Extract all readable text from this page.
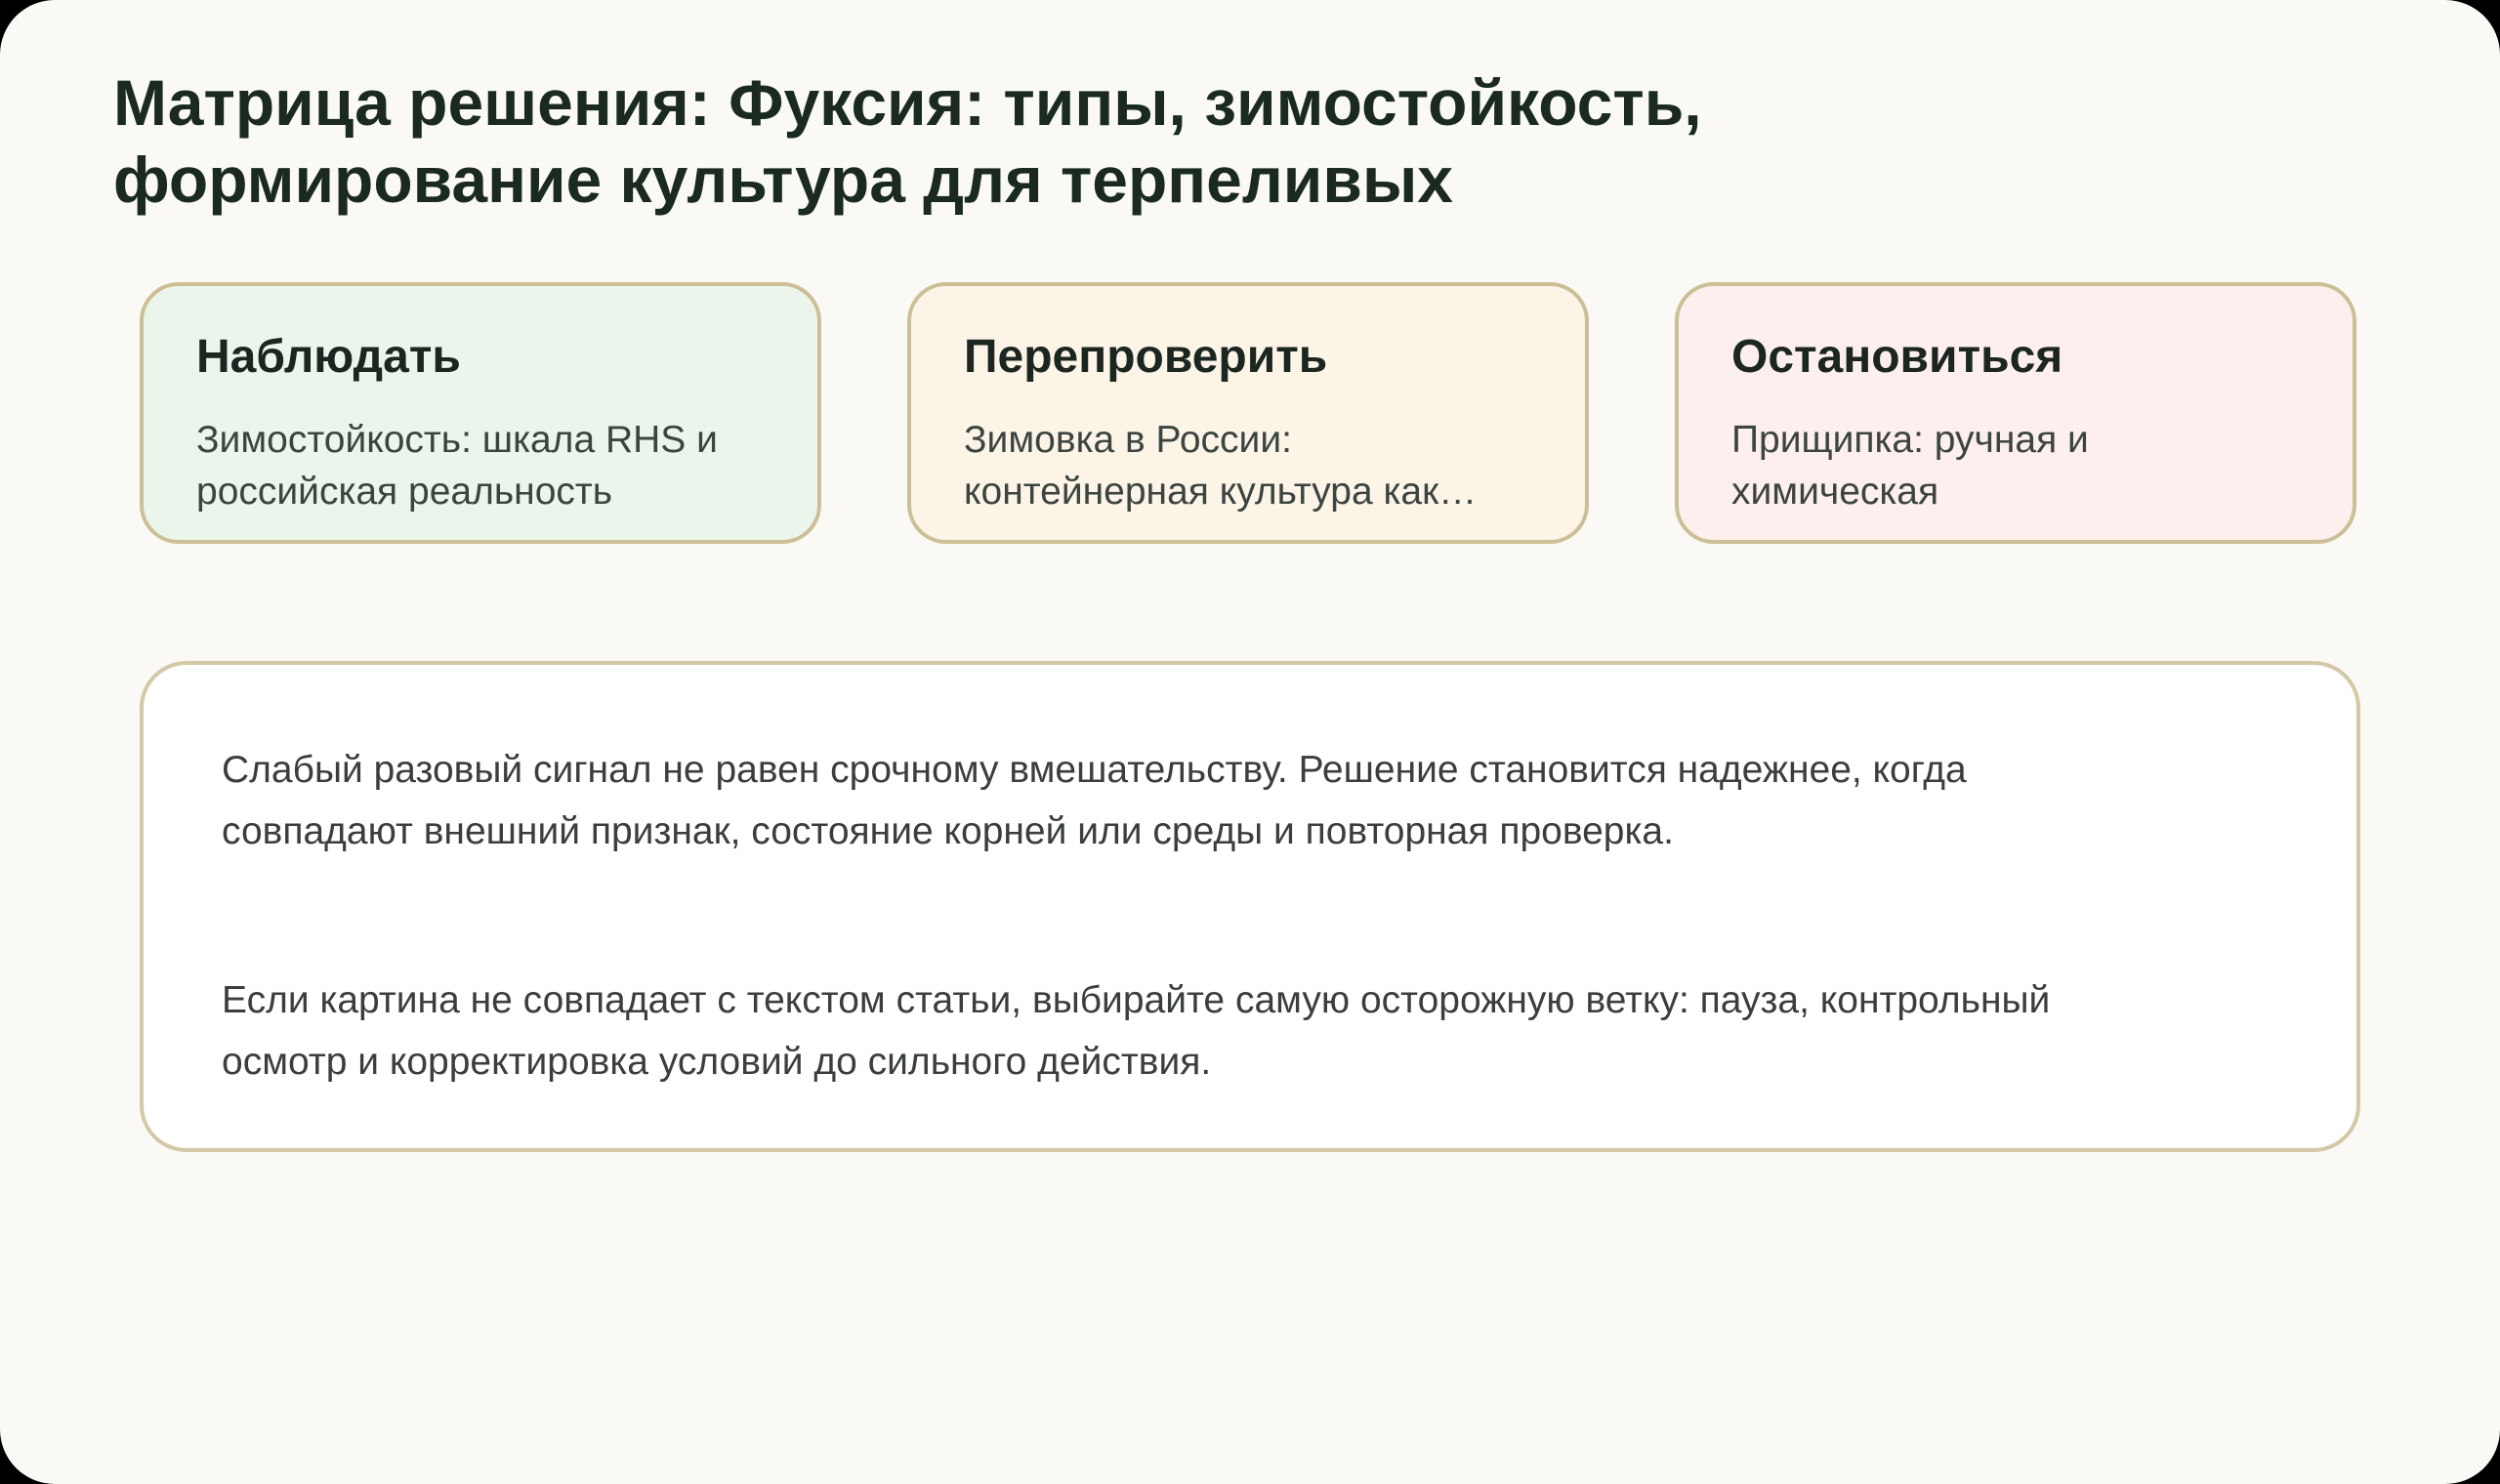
Матрица решения: Фуксия: типы, зимостойкость, формирование культура для терпеливых
Наблюдать
Зимостойкость: шкала RHS и
российская реальность
Перепроверить
Зимовка в России:
контейнерная культура как…
Остановиться
Прищипка: ручная и
химическая

Слабый разовый сигнал не равен срочному вмешательству. Решение становится надежнее, когда совпадают внешний признак, состояние корней или среды и повторная проверка.

Если картина не совпадает с текстом статьи, выбирайте самую осторожную ветку: пауза, контрольный осмотр и корректировка условий до сильного действия.
